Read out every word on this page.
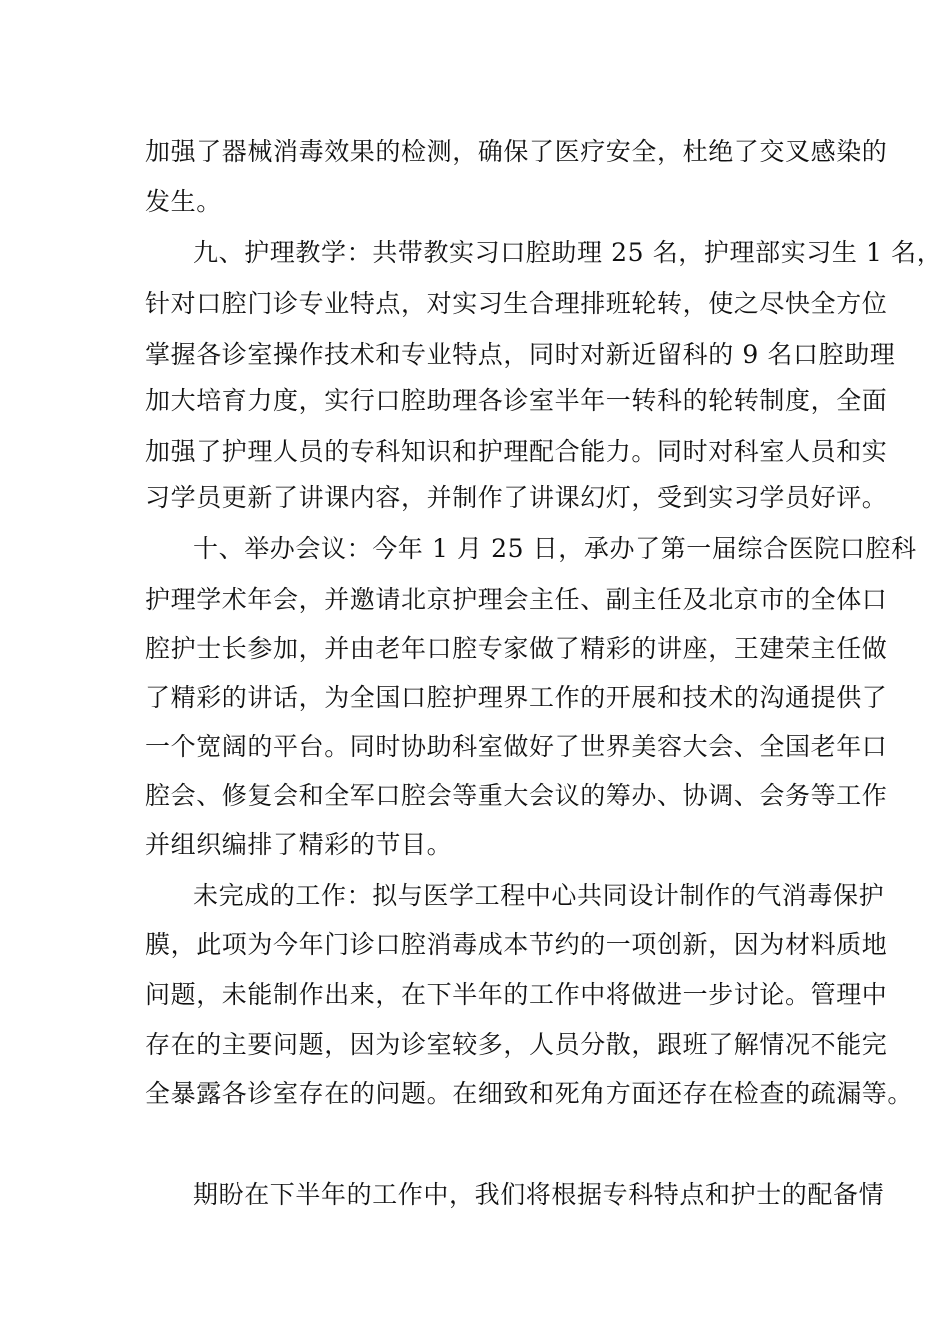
加强了器械消毒效果的检测，确保了医疗安全，杜绝了交叉感染的
发生。
九、护理教学：共带教实习口腔助理 25 名，护理部实习生 1 名，
针对口腔门诊专业特点，对实习生合理排班轮转，使之尽快全方位
掌握各诊室操作技术和专业特点，同时对新近留科的 9 名口腔助理
加大培育力度，实行口腔助理各诊室半年一转科的轮转制度，全面
加强了护理人员的专科知识和护理配合能力。同时对科室人员和实
习学员更新了讲课内容，并制作了讲课幻灯，受到实习学员好评。
十、举办会议：今年 1 月 25 日，承办了第一届综合医院口腔科
护理学术年会，并邀请北京护理会主任、副主任及北京市的全体口
腔护士长参加，并由老年口腔专家做了精彩的讲座，王建荣主任做
了精彩的讲话，为全国口腔护理界工作的开展和技术的沟通提供了
一个宽阔的平台。同时协助科室做好了世界美容大会、全国老年口
腔会、修复会和全军口腔会等重大会议的筹办、协调、会务等工作
并组织编排了精彩的节目。
未完成的工作：拟与医学工程中心共同设计制作的气消毒保护
膜，此项为今年门诊口腔消毒成本节约的一项创新，因为材料质地
问题，未能制作出来，在下半年的工作中将做进一步讨论。管理中
存在的主要问题，因为诊室较多，人员分散，跟班了解情况不能完
全暴露各诊室存在的问题。在细致和死角方面还存在检查的疏漏等。
期盼在下半年的工作中，我们将根据专科特点和护士的配备情
